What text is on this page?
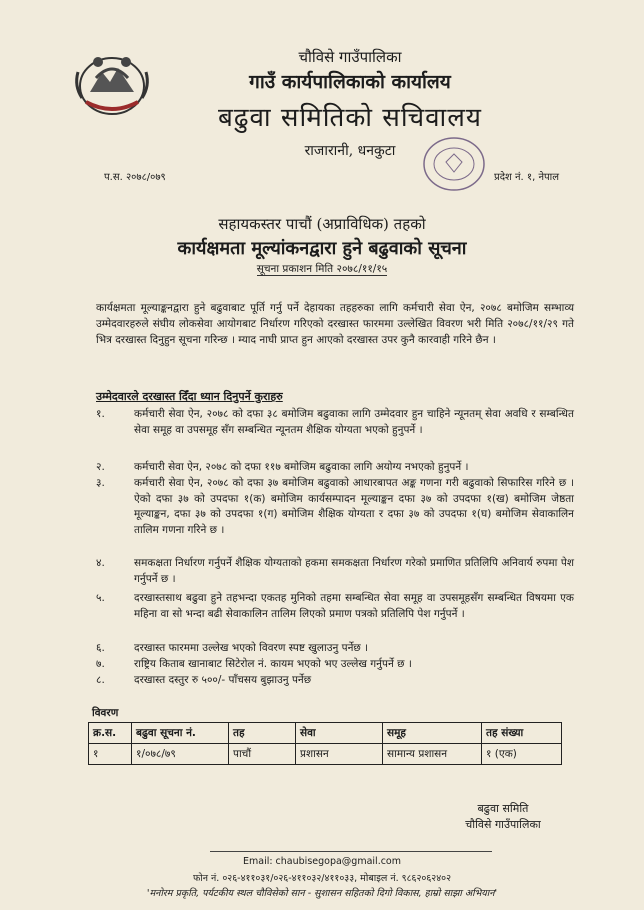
चौविसे गाउँपालिका
गाउँ कार्यपालिकाको कार्यालय
बढुवा समितिको सचिवालय
राजारानी, धनकुटा
प.स. २०७८/०७९	प्रदेश नं. १, नेपाल
सहायकस्तर पाचौं (अप्राविधिक) तहको
कार्यक्षमता मूल्यांकनद्वारा हुने बढुवाको सूचना
सूचना प्रकाशन मिति २०७८/११/१५
कार्यक्षमता मूल्याङ्कनद्वारा हुने बढुवाबाट पूर्ति गर्नु पर्ने देहायका तहहरुका लागि कर्मचारी सेवा ऐन, २०७८ बमोजिम सम्भाव्य उम्मेदवारहरुले संघीय लोकसेवा आयोगबाट निर्धारण गरिएको दरखास्त फारममा उल्लेखित विवरण भरी मिति २०७८/११/२९ गते भित्र दरखास्त दिनुहुन सूचना गरिन्छ । म्याद नाघी प्राप्त हुन आएको दरखास्त उपर कुनै कारवाही गरिने छैन ।
उम्मेदवारले दरखास्त दिँदा ध्यान दिनुपर्ने कुराहरु
१.	कर्मचारी सेवा ऐन, २०७८ को दफा ३८ बमोजिम बढुवाका लागि उम्मेदवार हुन चाहिने न्यूनतम् सेवा अवधि र सम्बन्धित सेवा समूह वा उपसमूह सँग सम्बन्धित न्यूनतम शैक्षिक योग्यता भएको हुनुपर्ने ।
२.	कर्मचारी सेवा ऐन, २०७८ को दफा ११७ बमोजिम बढुवाका लागि अयोग्य नभएको हुनुपर्ने ।
३.	कर्मचारी सेवा ऐन, २०७८ को दफा ३७ बमोजिम बढुवाको आधारबापत अङ्क गणना गरी बढुवाको सिफारिस गरिने छ । ऐको दफा ३७ को उपदफा १(क) बमोजिम कार्यसम्पादन मूल्याङ्कन दफा ३७ को उपदफा १(ख) बमोजिम जेष्ठता मूल्याङ्कन, दफा ३७ को उपदफा १(ग) बमोजिम शैक्षिक योग्यता र दफा ३७ को उपदफा १(घ) बमोजिम सेवाकालिन तालिम गणना गरिने छ ।
४.	समकक्षता निर्धारण गर्नुपर्ने शैक्षिक योग्यताको हकमा समकक्षता निर्धारण गरेको प्रमाणित प्रतिलिपि अनिवार्य रुपमा पेश गर्नुपर्ने छ ।
५.	दरखास्तसाथ बढुवा हुने तहभन्दा एकतह मुनिको तहमा सम्बन्धित सेवा समूह वा उपसमूहसँग सम्बन्धित विषयमा एक महिना वा सो भन्दा बढी सेवाकालिन तालिम लिएको प्रमाण पत्रको प्रतिलिपि पेश गर्नुपर्ने ।
६.	दरखास्त फारममा उल्लेख भएको विवरण स्पष्ट खुलाउनु पर्नेछ ।
७.	राष्ट्रिय किताब खानाबाट सिटेरोल नं. कायम भएको भए उल्लेख गर्नुपर्ने छ ।
८.	दरखास्त दस्तुर रु ५००/- पाँचसय बुझाउनु पर्नेछ
विवरण
क्र.स.	बढुवा सूचना नं.	तह	सेवा	समूह	तह संख्या
१	१/०७८/७९	पाचौं	प्रशासन	सामान्य प्रशासन	१ (एक)
बढुवा समिति
चौविसे गाउँपालिका
Email: chaubisegopa@gmail.com
फोन नं. ०२६-४११०३१/०२६-४११०३२/४११०३३, मोबाइल नं. ९८६२०६२४०२
'मनोरम प्रकृति, पर्यटकीय स्थल चौविसेको सान - सुशासन सहितको दिगो विकास, हाम्रो साझा अभियान'
